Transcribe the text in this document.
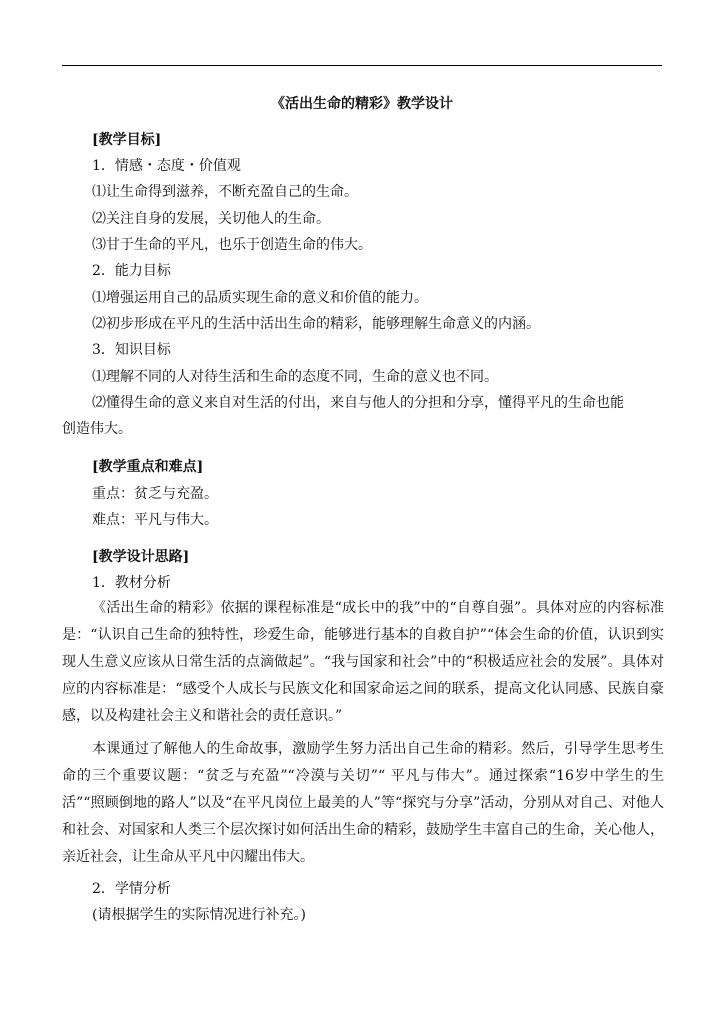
《活出生命的精彩》教学设计
[教学目标]
1．情感・态度・价值观
⑴让生命得到滋养，不断充盈自己的生命。
⑵关注自身的发展，关切他人的生命。
⑶甘于生命的平凡，也乐于创造生命的伟大。
2．能力目标
⑴增强运用自己的品质实现生命的意义和价值的能力。
⑵初步形成在平凡的生活中活出生命的精彩，能够理解生命意义的内涵。
3．知识目标
⑴理解不同的人对待生活和生命的态度不同，生命的意义也不同。
⑵懂得生命的意义来自对生活的付出，来自与他人的分担和分享，懂得平凡的生命也能
创造伟大。
[教学重点和难点]
重点：贫乏与充盈。
难点：平凡与伟大。
[教学设计思路]
1．教材分析
《活出生命的精彩》依据的课程标准是“成长中的我”中的“自尊自强”。具体对应的内容标准是：“认识自己生命的独特性，珍爱生命，能够进行基本的自救自护”“体会生命的价值，认识到实现人生意义应该从日常生活的点滴做起”。“我与国家和社会”中的“积极适应社会的发展”。具体对应的内容标准是：“感受个人成长与民族文化和国家命运之间的联系，提高文化认同感、民族自豪感，以及构建社会主义和谐社会的责任意识。”
本课通过了解他人的生命故事，激励学生努力活出自己生命的精彩。然后，引导学生思考生命的三个重要议题：“贫乏与充盈”“冷漠与关切”“ 平凡与伟大”。通过探索“16岁中学生的生活”“照顾倒地的路人”以及“在平凡岗位上最美的人”等“探究与分享”活动，分别从对自己、对他人和社会、对国家和人类三个层次探讨如何活出生命的精彩，鼓励学生丰富自己的生命，关心他人，亲近社会，让生命从平凡中闪耀出伟大。
2．学情分析
(请根据学生的实际情况进行补充。)
